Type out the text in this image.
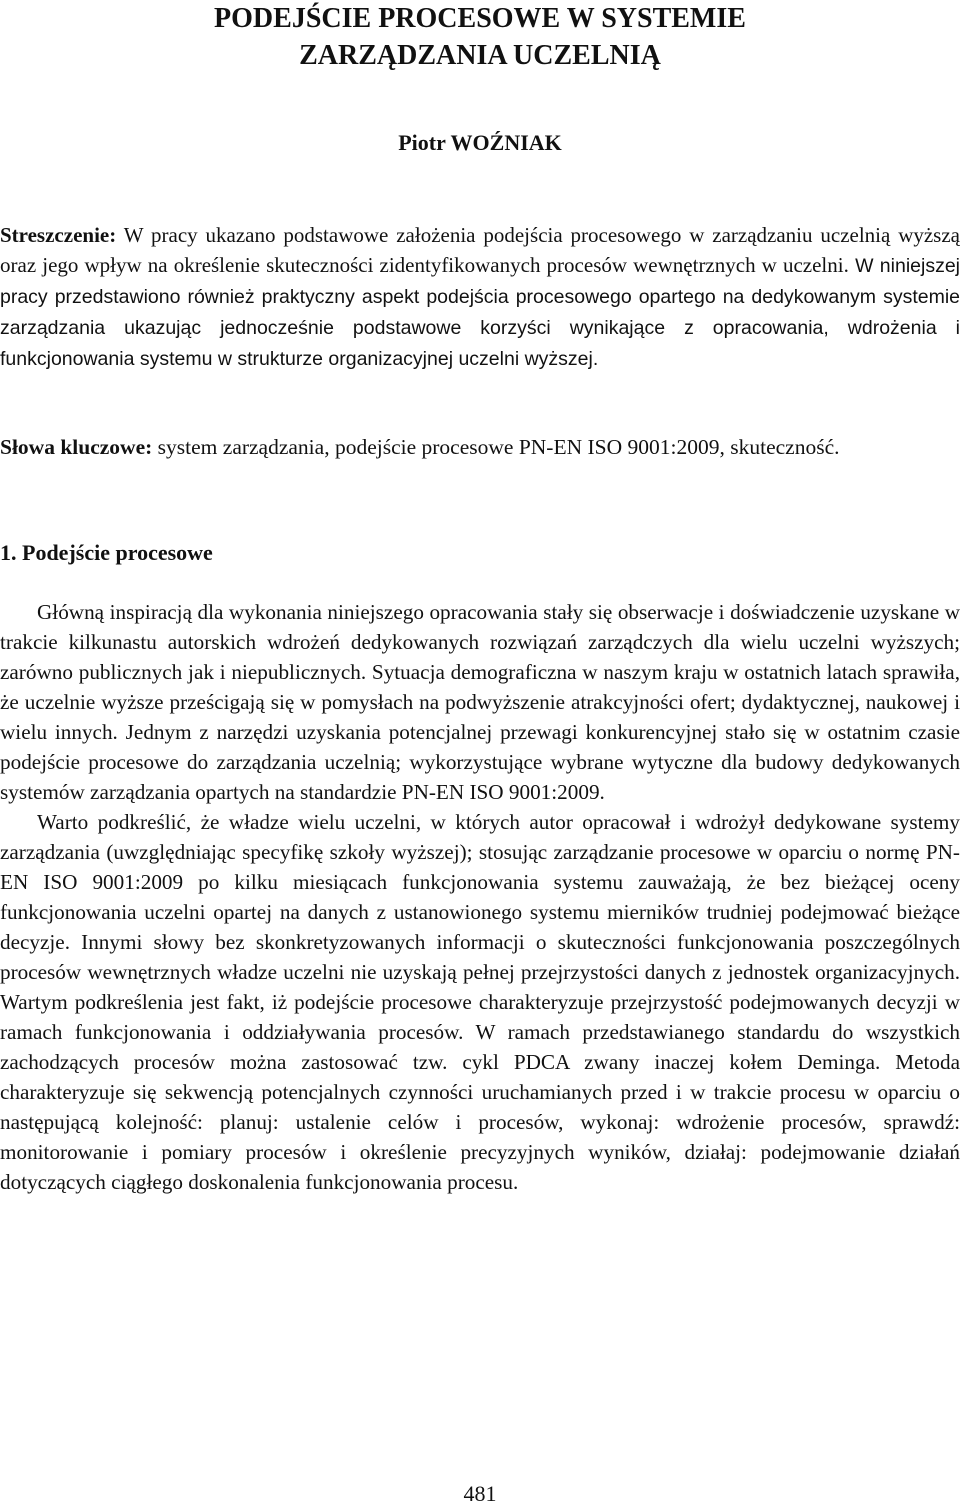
PODEJŚCIE PROCESOWE W SYSTEMIE
ZARZĄDZANIA UCZELNIĄ

Piotr WOŹNIAK

Streszczenie: W pracy ukazano podstawowe założenia podejścia procesowego w zarządzaniu uczelnią wyższą oraz jego wpływ na określenie skuteczności zidentyfikowanych procesów wewnętrznych w uczelni. W niniejszej pracy przedstawiono również praktyczny aspekt podejścia procesowego opartego na dedykowanym systemie zarządzania ukazując jednocześnie podstawowe korzyści wynikające z opracowania, wdrożenia i funkcjonowania systemu w strukturze organizacyjnej uczelni wyższej.

Słowa kluczowe: system zarządzania, podejście procesowe PN-EN ISO 9001:2009, skuteczność.

1. Podejście procesowe

Główną inspiracją dla wykonania niniejszego opracowania stały się obserwacje i doświadczenie uzyskane w trakcie kilkunastu autorskich wdrożeń dedykowanych rozwiązań zarządczych dla wielu uczelni wyższych; zarówno publicznych jak i niepublicznych. Sytuacja demograficzna w naszym kraju w ostatnich latach sprawiła, że uczelnie wyższe prześcigają się w pomysłach na podwyższenie atrakcyjności ofert; dydaktycznej, naukowej i wielu innych. Jednym z narzędzi uzyskania potencjalnej przewagi konkurencyjnej stało się w ostatnim czasie podejście procesowe do zarządzania uczelnią; wykorzystujące wybrane wytyczne dla budowy dedykowanych systemów zarządzania opartych na standardzie PN-EN ISO 9001:2009.

Warto podkreślić, że władze wielu uczelni, w których autor opracował i wdrożył dedykowane systemy zarządzania (uwzględniając specyfikę szkoły wyższej); stosując zarządzanie procesowe w oparciu o normę PN-EN ISO 9001:2009 po kilku miesiącach funkcjonowania systemu zauważają, że bez bieżącej oceny funkcjonowania uczelni opartej na danych z ustanowionego systemu mierników trudniej podejmować bieżące decyzje. Innymi słowy bez skonkretyzowanych informacji o skuteczności funkcjonowania poszczególnych procesów wewnętrznych władze uczelni nie uzyskają pełnej przejrzystości danych z jednostek organizacyjnych. Wartym podkreślenia jest fakt, iż podejście procesowe charakteryzuje przejrzystość podejmowanych decyzji w ramach funkcjonowania i oddziaływania procesów. W ramach przedstawianego standardu do wszystkich zachodzących procesów można zastosować tzw. cykl PDCA zwany inaczej kołem Deminga. Metoda charakteryzuje się sekwencją potencjalnych czynności uruchamianych przed i w trakcie procesu w oparciu o następującą kolejność: planuj: ustalenie celów i procesów, wykonaj: wdrożenie procesów, sprawdź: monitorowanie i pomiary procesów i określenie precyzyjnych wyników, działaj: podejmowanie działań dotyczących ciągłego doskonalenia funkcjonowania procesu.

481
